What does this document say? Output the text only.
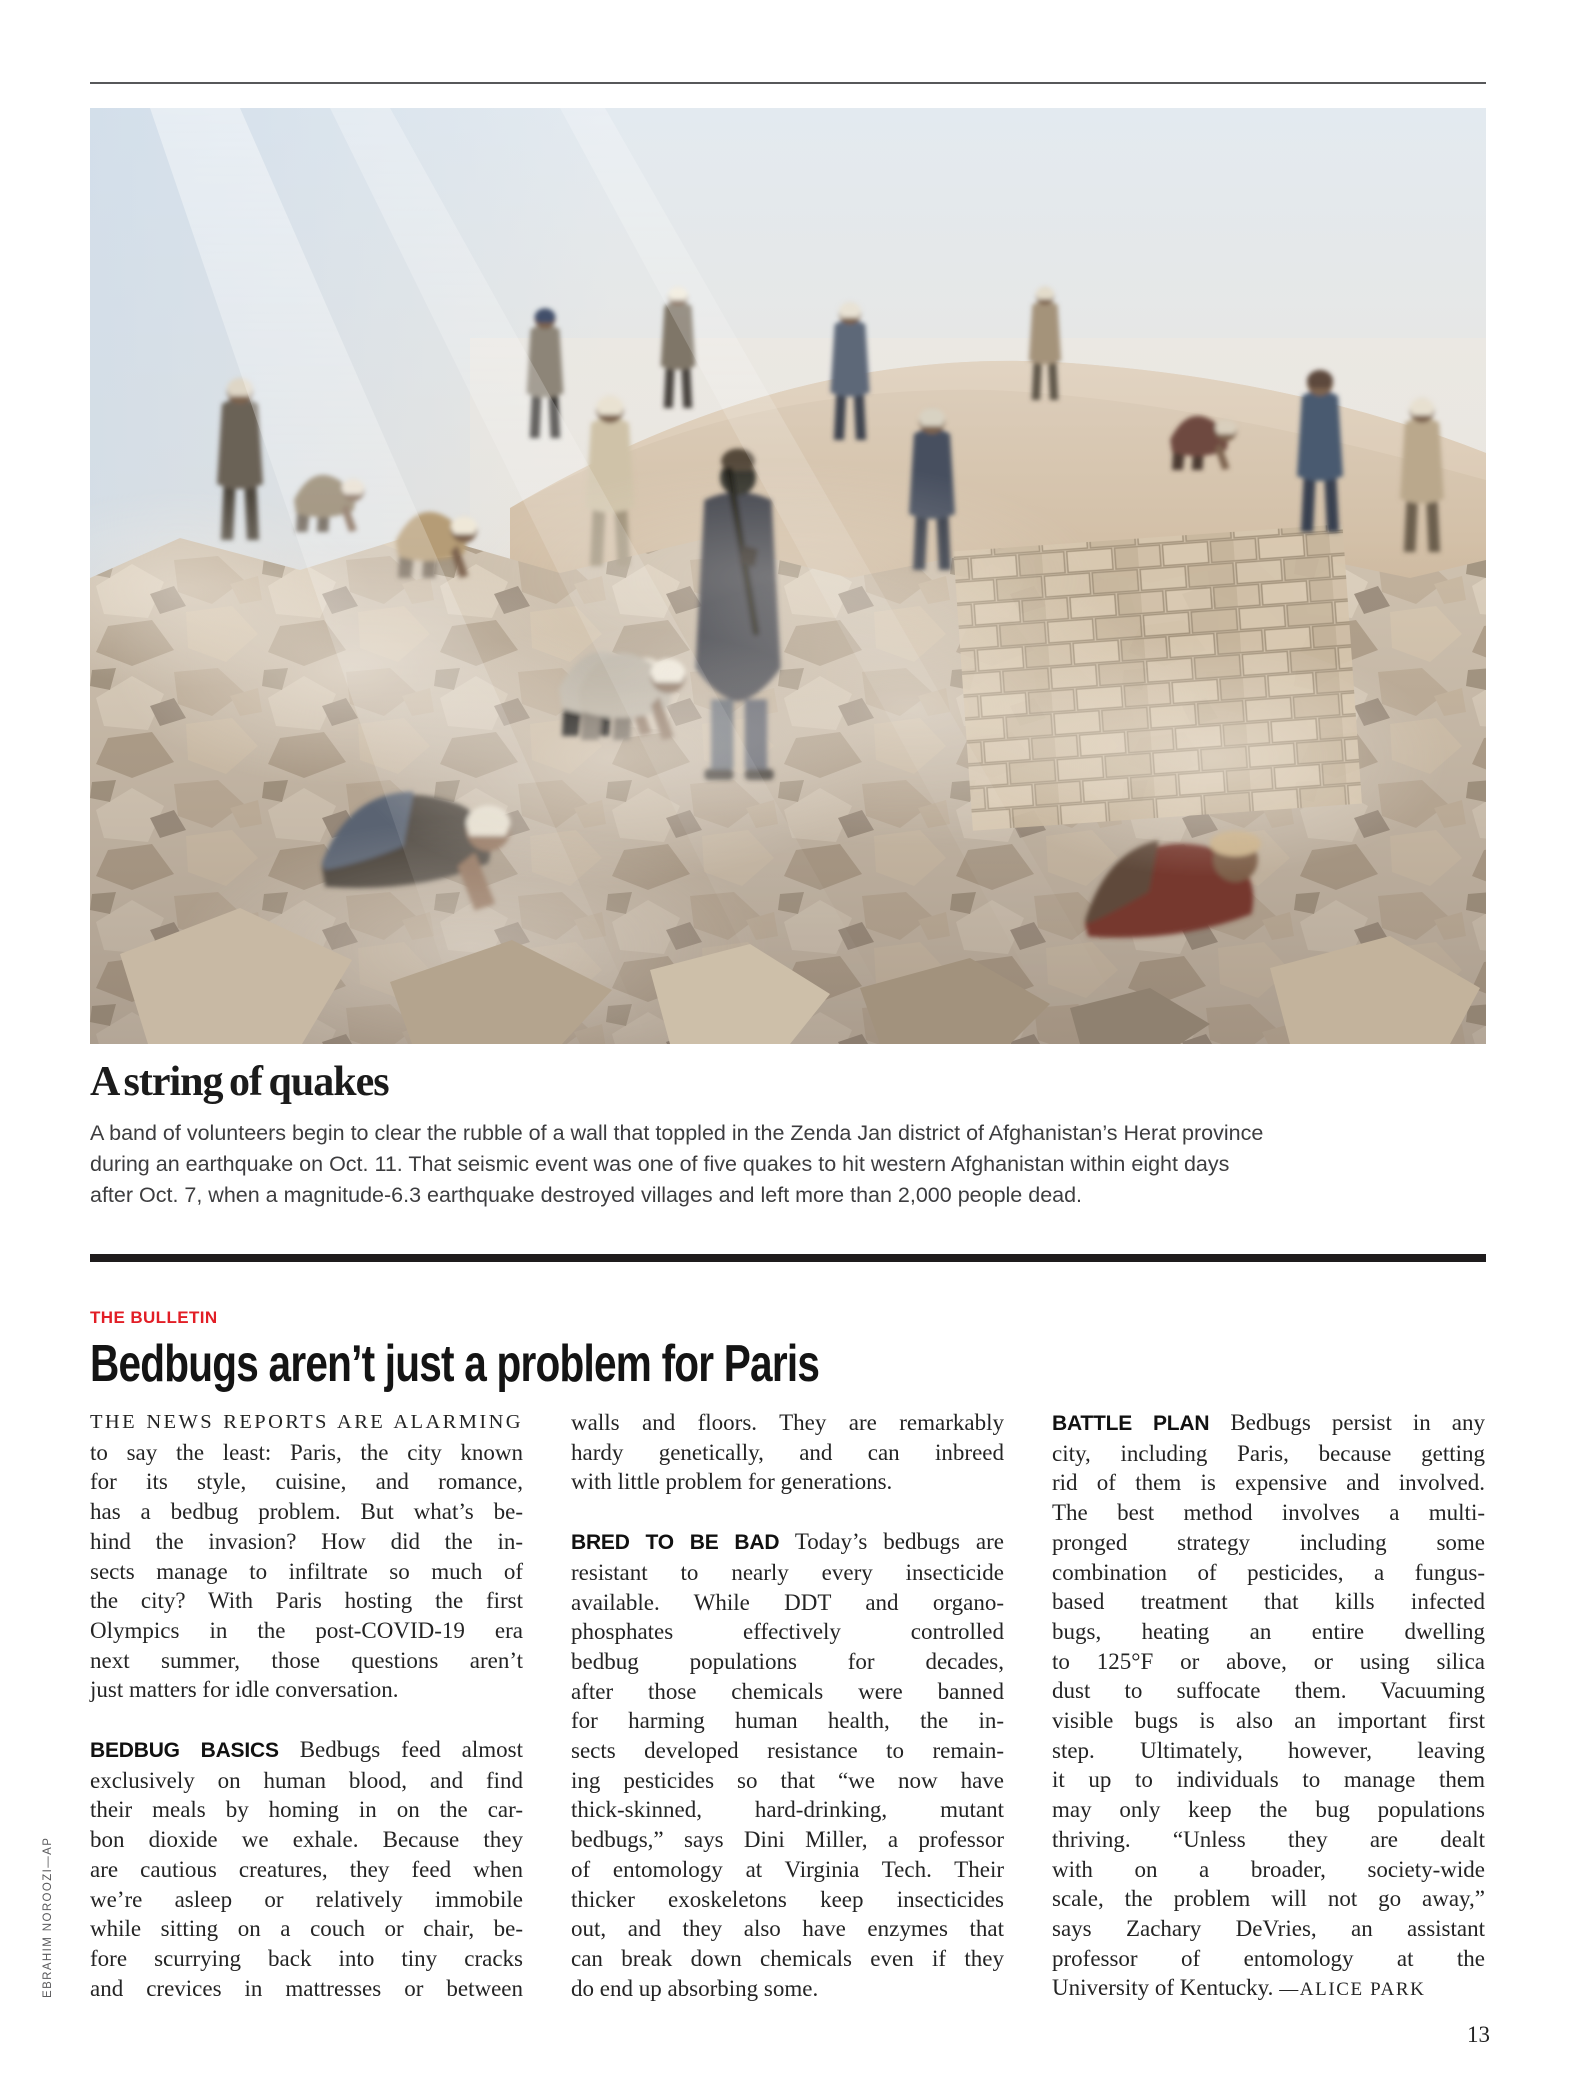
A string of quakes
A band of volunteers begin to clear the rubble of a wall that toppled in the Zenda Jan district of Afghanistan’s Herat province
during an earthquake on Oct. 11. That seismic event was one of five quakes to hit western Afghanistan within eight days
after Oct. 7, when a magnitude-6.3 earthquake destroyed villages and left more than 2,000 people dead.
THE BULLETIN
Bedbugs aren’t just a problem for Paris
THE NEWS REPORTS ARE ALARMING
to say the least: Paris, the city known
for its style, cuisine, and romance,
has a bedbug problem. But what’s be-
hind the invasion? How did the in-
sects manage to infiltrate so much of
the city? With Paris hosting the first
Olympics in the post-COVID-19 era
next summer, those questions aren’t
just matters for idle conversation.
BEDBUG BASICS Bedbugs feed almost
exclusively on human blood, and find
their meals by homing in on the car-
bon dioxide we exhale. Because they
are cautious creatures, they feed when
we’re asleep or relatively immobile
while sitting on a couch or chair, be-
fore scurrying back into tiny cracks
and crevices in mattresses or between
walls and floors. They are remarkably
hardy genetically, and can inbreed
with little problem for generations.
BRED TO BE BAD Today’s bedbugs are
resistant to nearly every insecticide
available. While DDT and organo-
phosphates effectively controlled
bedbug populations for decades,
after those chemicals were banned
for harming human health, the in-
sects developed resistance to remain-
ing pesticides so that “we now have
thick-skinned, hard-drinking, mutant
bedbugs,” says Dini Miller, a professor
of entomology at Virginia Tech. Their
thicker exoskeletons keep insecticides
out, and they also have enzymes that
can break down chemicals even if they
do end up absorbing some.
BATTLE PLAN Bedbugs persist in any
city, including Paris, because getting
rid of them is expensive and involved.
The best method involves a multi-
pronged strategy including some
combination of pesticides, a fungus-
based treatment that kills infected
bugs, heating an entire dwelling
to 125°F or above, or using silica
dust to suffocate them. Vacuuming
visible bugs is also an important first
step. Ultimately, however, leaving
it up to individuals to manage them
may only keep the bug populations
thriving. “Unless they are dealt
with on a broader, society-wide
scale, the problem will not go away,”
says Zachary DeVries, an assistant
professor of entomology at the
University of Kentucky. —ALICE PARK
EBRAHIM NOROOZI—AP
13
